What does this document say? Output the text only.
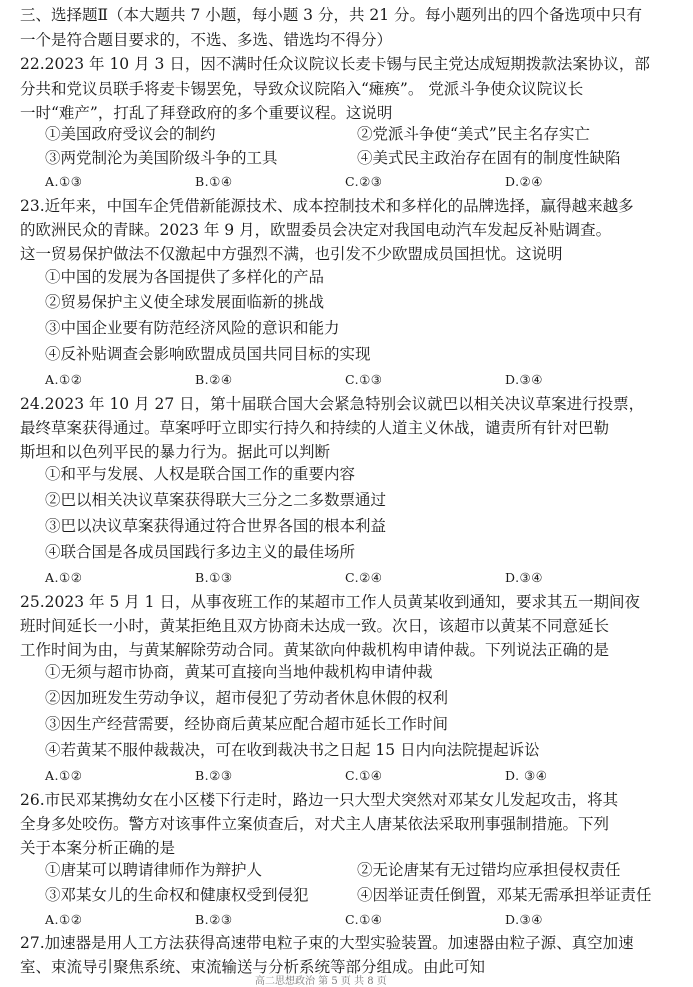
三、选择题Ⅱ（本大题共 7 小题，每小题 3 分，共 21 分。每小题列出的四个备选项中只有
一个是符合题目要求的，不选、多选、错选均不得分）
22.2023 年 10 月 3 日，因不满时任众议院议长麦卡锡与民主党达成短期拨款法案协议，部
分共和党议员联手将麦卡锡罢免，导致众议院陷入“瘫痪”。 党派斗争使众议院议长
一时“难产”，打乱了拜登政府的多个重要议程。这说明
①美国政府受议会的制约	②党派斗争使“美式”民主名存实亡
③两党制沦为美国阶级斗争的工具	④美式民主政治存在固有的制度性缺陷
A.①③	B.①④	C.②③	D.②④
23.近年来，中国车企凭借新能源技术、成本控制技术和多样化的品牌选择，赢得越来越多
的欧洲民众的青睐。2023 年 9 月，欧盟委员会决定对我国电动汽车发起反补贴调查。
这一贸易保护做法不仅激起中方强烈不满，也引发不少欧盟成员国担忧。这说明
①中国的发展为各国提供了多样化的产品
②贸易保护主义使全球发展面临新的挑战
③中国企业要有防范经济风险的意识和能力
④反补贴调查会影响欧盟成员国共同目标的实现
A.①②	B.②④	C.①③	D.③④
24.2023 年 10 月 27 日，第十届联合国大会紧急特别会议就巴以相关决议草案进行投票，
最终草案获得通过。草案呼吁立即实行持久和持续的人道主义休战，谴责所有针对巴勒
斯坦和以色列平民的暴力行为。据此可以判断
①和平与发展、人权是联合国工作的重要内容
②巴以相关决议草案获得联大三分之二多数票通过
③巴以决议草案获得通过符合世界各国的根本利益
④联合国是各成员国践行多边主义的最佳场所
A.①②	B.①③	C.②④	D.③④
25.2023 年 5 月 1 日，从事夜班工作的某超市工作人员黄某收到通知，要求其五一期间夜
班时间延长一小时，黄某拒绝且双方协商未达成一致。次日，该超市以黄某不同意延长
工作时间为由，与黄某解除劳动合同。黄某欲向仲裁机构申请仲裁。下列说法正确的是
①无须与超市协商，黄某可直接向当地仲裁机构申请仲裁
②因加班发生劳动争议，超市侵犯了劳动者休息休假的权利
③因生产经营需要，经协商后黄某应配合超市延长工作时间
④若黄某不服仲裁裁决，可在收到裁决书之日起 15 日内向法院提起诉讼
A.①②	B.②③	C.①④	D. ③④
26.市民邓某携幼女在小区楼下行走时，路边一只大型犬突然对邓某女儿发起攻击，将其
全身多处咬伤。警方对该事件立案侦查后，对犬主人唐某依法采取刑事强制措施。下列
关于本案分析正确的是
①唐某可以聘请律师作为辩护人	②无论唐某有无过错均应承担侵权责任
③邓某女儿的生命权和健康权受到侵犯	④因举证责任倒置，邓某无需承担举证责任
A.①②	B.②③	C.①④	D.③④
27.加速器是用人工方法获得高速带电粒子束的大型实验装置。加速器由粒子源、真空加速
室、束流导引聚焦系统、束流输送与分析系统等部分组成。由此可知
高二思想政治 第 5 页 共 8 页
